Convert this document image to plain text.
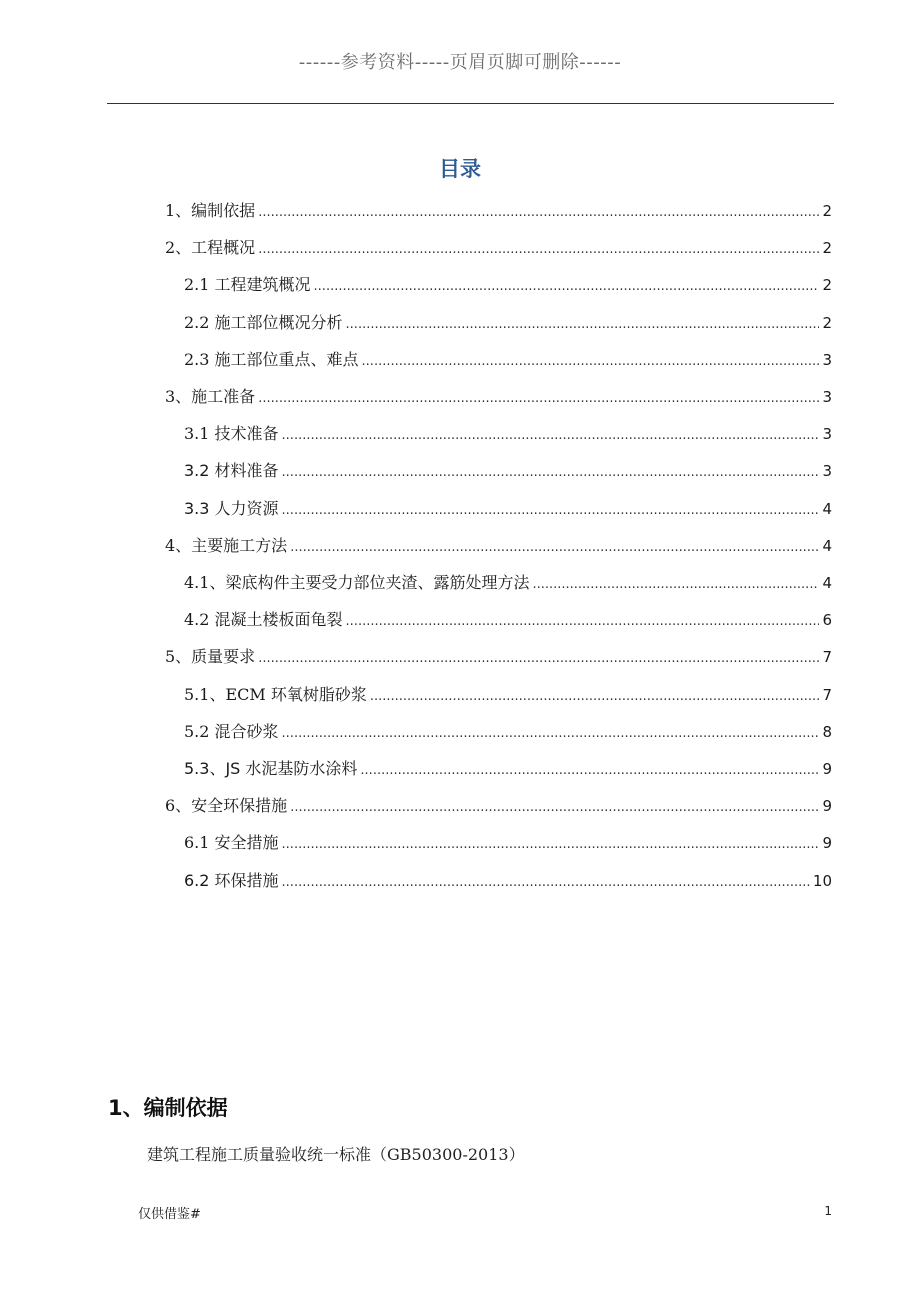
------参考资料-----页眉页脚可删除------
目录
1、编制依据 .....	2
2、工程概况 .....	2
2.1 工程建筑概况 .....	2
2.2 施工部位概况分析 .....	2
2.3 施工部位重点、难点 .....	3
3、施工准备 .....	3
3.1 技术准备 .....	3
3.2 材料准备 .....	3
3.3 人力资源 .....	4
4、主要施工方法 .....	4
4.1、梁底构件主要受力部位夹渣、露筋处理方法 .....	4
4.2 混凝土楼板面龟裂 .....	6
5、质量要求 .....	7
5.1、ECM 环氧树脂砂浆 .....	7
5.2 混合砂浆 .....	8
5.3、JS 水泥基防水涂料 .....	9
6、安全环保措施 .....	9
6.1 安全措施 .....	9
6.2 环保措施 .....	10
1、编制依据
建筑工程施工质量验收统一标准（GB50300-2013）
仅供借鉴#	1
